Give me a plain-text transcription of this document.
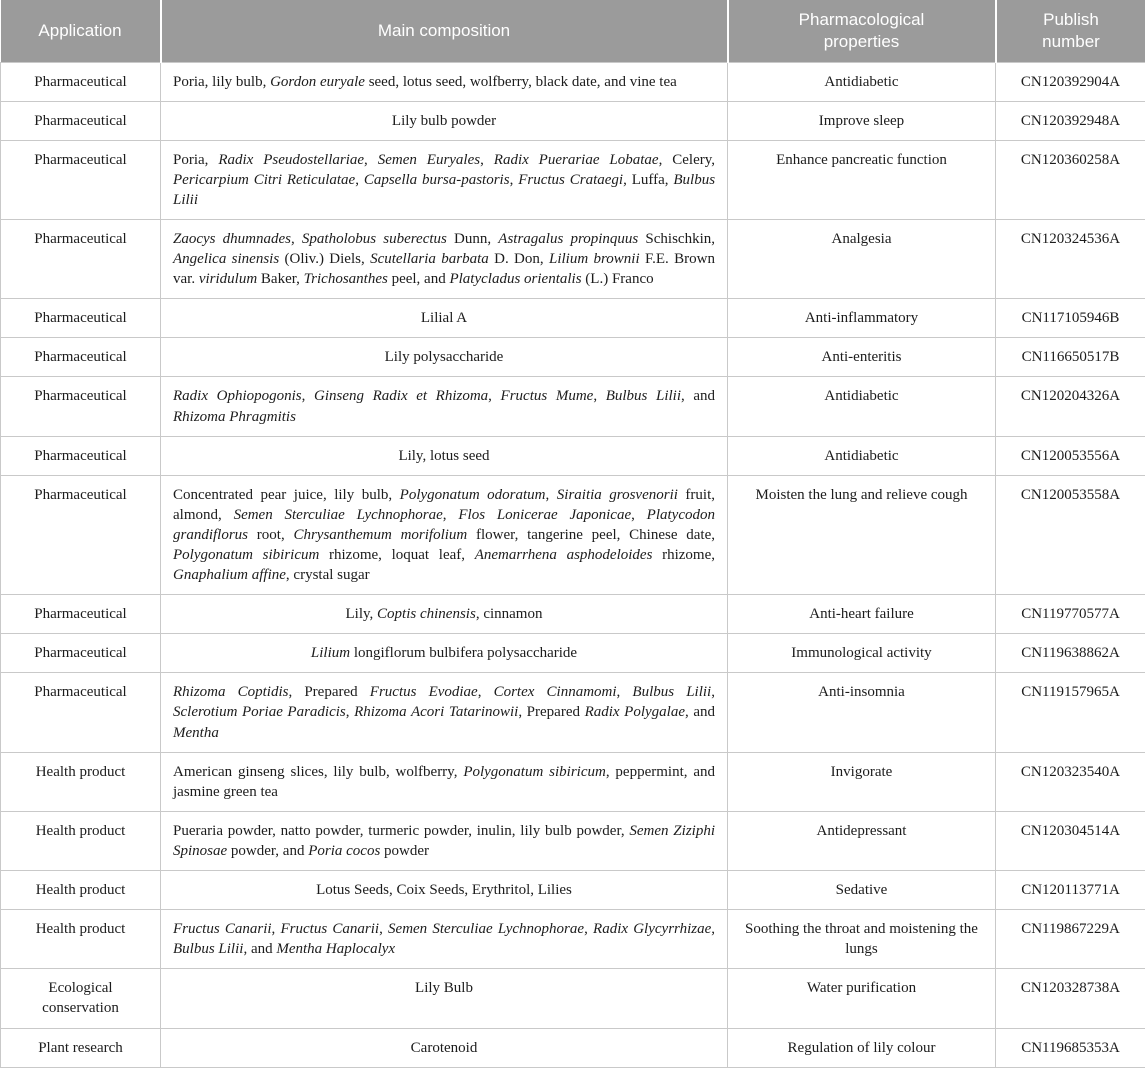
Application	Main composition	Pharmacological properties	Publish number
Pharmaceutical	Poria, lily bulb, Gordon euryale seed, lotus seed, wolfberry, black date, and vine tea	Antidiabetic	CN120392904A
Pharmaceutical	Lily bulb powder	Improve sleep	CN120392948A
Pharmaceutical	Poria, Radix Pseudostellariae, Semen Euryales, Radix Puerariae Lobatae, Celery, Pericarpium Citri Reticulatae, Capsella bursa-pastoris, Fructus Crataegi, Luffa, Bulbus Lilii	Enhance pancreatic function	CN120360258A
Pharmaceutical	Zaocys dhumnades, Spatholobus suberectus Dunn, Astragalus propinquus Schischkin, Angelica sinensis (Oliv.) Diels, Scutellaria barbata D. Don, Lilium brownii F.E. Brown var. viridulum Baker, Trichosanthes peel, and Platycladus orientalis (L.) Franco	Analgesia	CN120324536A
Pharmaceutical	Lilial A	Anti-inflammatory	CN117105946B
Pharmaceutical	Lily polysaccharide	Anti-enteritis	CN116650517B
Pharmaceutical	Radix Ophiopogonis, Ginseng Radix et Rhizoma, Fructus Mume, Bulbus Lilii, and Rhizoma Phragmitis	Antidiabetic	CN120204326A
Pharmaceutical	Lily, lotus seed	Antidiabetic	CN120053556A
Pharmaceutical	Concentrated pear juice, lily bulb, Polygonatum odoratum, Siraitia grosvenorii fruit, almond, Semen Sterculiae Lychnophorae, Flos Lonicerae Japonicae, Platycodon grandiflorus root, Chrysanthemum morifolium flower, tangerine peel, Chinese date, Polygonatum sibiricum rhizome, loquat leaf, Anemarrhena asphodeloides rhizome, Gnaphalium affine, crystal sugar	Moisten the lung and relieve cough	CN120053558A
Pharmaceutical	Lily, Coptis chinensis, cinnamon	Anti-heart failure	CN119770577A
Pharmaceutical	Lilium longiflorum bulbifera polysaccharide	Immunological activity	CN119638862A
Pharmaceutical	Rhizoma Coptidis, Prepared Fructus Evodiae, Cortex Cinnamomi, Bulbus Lilii, Sclerotium Poriae Paradicis, Rhizoma Acori Tatarinowii, Prepared Radix Polygalae, and Mentha	Anti-insomnia	CN119157965A
Health product	American ginseng slices, lily bulb, wolfberry, Polygonatum sibiricum, peppermint, and jasmine green tea	Invigorate	CN120323540A
Health product	Pueraria powder, natto powder, turmeric powder, inulin, lily bulb powder, Semen Ziziphi Spinosae powder, and Poria cocos powder	Antidepressant	CN120304514A
Health product	Lotus Seeds, Coix Seeds, Erythritol, Lilies	Sedative	CN120113771A
Health product	Fructus Canarii, Fructus Canarii, Semen Sterculiae Lychnophorae, Radix Glycyrrhizae, Bulbus Lilii, and Mentha Haplocalyx	Soothing the throat and moistening the lungs	CN119867229A
Ecological conservation	Lily Bulb	Water purification	CN120328738A
Plant research	Carotenoid	Regulation of lily colour	CN119685353A
